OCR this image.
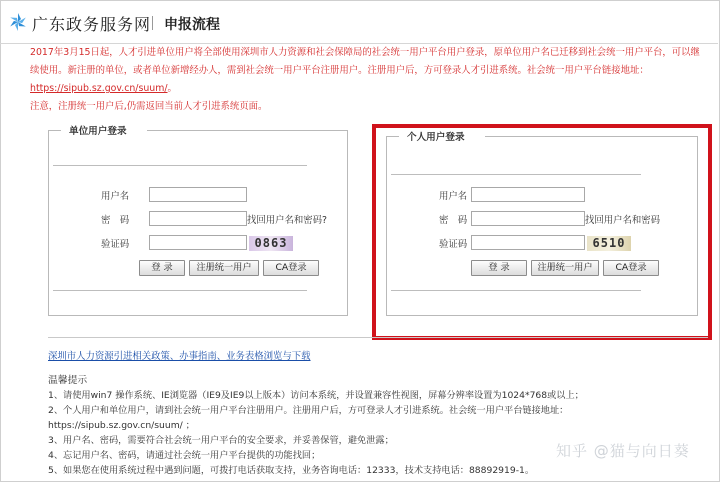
广东政务服务网 申报流程
2017年3月15日起，人才引进单位用户将全部使用深圳市人力资源和社会保障局的社会统一用户平台用户登录，原单位用户名已迁移到社会统一用户平台，可以继
续使用。新注册的单位，或者单位新增经办人，需到社会统一用户平台注册用户。注册用户后，方可登录人才引进系统。社会统一用户平台链接地址：
https://sipub.sz.gov.cn/suum/。
注意，注册统一用户后,仍需返回当前人才引进系统页面。
单位用户登录
用户名
密　码	找回用户名和密码?
验证码	0863
登 录	注册统一用户	CA登录
个人用户登录
用户名
密　码	找回用户名和密码
验证码	6510
登 录	注册统一用户	CA登录
深圳市人力资源引进相关政策、办事指南、业务表格浏览与下载
温馨提示
1、请使用win7 操作系统、IE浏览器（IE9及IE9以上版本）访问本系统，并设置兼容性视图，屏幕分辨率设置为1024*768或以上；
2、个人用户和单位用户，请到社会统一用户平台注册用户。注册用户后，方可登录人才引进系统。社会统一用户平台链接地址：
https://sipub.sz.gov.cn/suum/ ；
3、用户名、密码，需要符合社会统一用户平台的安全要求，并妥善保管，避免泄露；
4、忘记用户名、密码，请通过社会统一用户平台提供的功能找回；
5、如果您在使用系统过程中遇到问题，可拨打电话获取支持，业务咨询电话：12333，技术支持电话：88892919-1。
知乎 @猫与向日葵
